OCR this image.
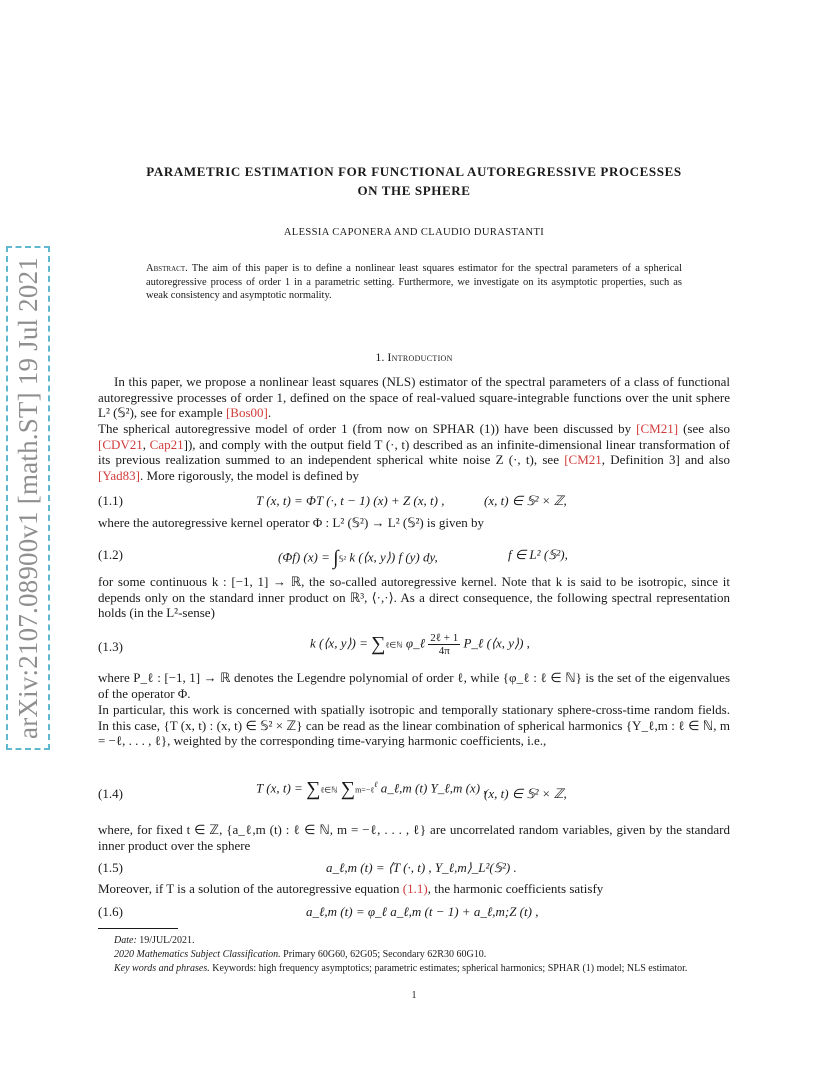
arXiv:2107.08900v1 [math.ST] 19 Jul 2021
PARAMETRIC ESTIMATION FOR FUNCTIONAL AUTOREGRESSIVE PROCESSES
ON THE SPHERE
ALESSIA CAPONERA AND CLAUDIO DURASTANTI
Abstract. The aim of this paper is to define a nonlinear least squares estimator for the spectral parameters of a spherical autoregressive process of order 1 in a parametric setting. Furthermore, we investigate on its asymptotic properties, such as weak consistency and asymptotic normality.
1. Introduction
In this paper, we propose a nonlinear least squares (NLS) estimator of the spectral parameters of a class of functional autoregressive processes of order 1, defined on the space of real-valued square-integrable functions over the unit sphere L² (𝕊²), see for example [Bos00].
The spherical autoregressive model of order 1 (from now on SPHAR (1)) have been discussed by [CM21] (see also [CDV21, Cap21]), and comply with the output field T (·, t) described as an infinite-dimensional linear transformation of its previous realization summed to an independent spherical white noise Z (·, t), see [CM21, Definition 3] and also [Yad83]. More rigorously, the model is defined by
(1.1)	T (x, t) = ΦT (·, t − 1) (x) + Z (x, t) ,	(x, t) ∈ 𝕊² × ℤ,
where the autoregressive kernel operator Φ : L² (𝕊²) → L² (𝕊²) is given by
(1.2)	(Φf) (x) = ∫𝕊² k (⟨x, y⟩) f (y) dy,	f ∈ L² (𝕊²),
for some continuous k : [−1, 1] → ℝ, the so-called autoregressive kernel. Note that k is said to be isotropic, since it depends only on the standard inner product on ℝ³, ⟨·,·⟩. As a direct consequence, the following spectral representation holds (in the L²-sense)
(1.3)	k (⟨x, y⟩) = ∑ℓ∈ℕ φ_ℓ $\frac{\text{2ℓ + 1}}{4\pi}$ P_ℓ (⟨x, y⟩) ,
where P_ℓ : [−1, 1] → ℝ denotes the Legendre polynomial of order ℓ, while {φ_ℓ : ℓ ∈ ℕ} is the set of the eigenvalues of the operator Φ.
In particular, this work is concerned with spatially isotropic and temporally stationary sphere-cross-time random fields. In this case, {T (x, t) : (x, t) ∈ 𝕊² × ℤ} can be read as the linear combination of spherical harmonics {Y_ℓ,m : ℓ ∈ ℕ, m = −ℓ, . . . , ℓ}, weighted by the corresponding time-varying harmonic coefficients, i.e.,
(1.4)	T (x, t) = ∑ℓ∈ℕ ∑m=−ℓ$^\ell$ a_ℓ,m (t) Y_ℓ,m (x) ,
(x, t) ∈ 𝕊² × ℤ,
where, for fixed t ∈ ℤ, {a_ℓ,m (t) : ℓ ∈ ℕ, m = −ℓ, . . . , ℓ} are uncorrelated random variables, given by the standard inner product over the sphere
(1.5)	a_ℓ,m (t) = ⟨T (·, t) , Y_ℓ,m⟩_L²(𝕊²) .
Moreover, if T is a solution of the autoregressive equation (1.1), the harmonic coefficients satisfy
(1.6)	a_ℓ,m (t) = φ_ℓ a_ℓ,m (t − 1) + a_ℓ,m;Z (t) ,
Date: 19/JUL/2021.
2020 Mathematics Subject Classification. Primary 60G60, 62G05; Secondary 62R30 60G10.
Key words and phrases. Keywords: high frequency asymptotics; parametric estimates; spherical harmonics; SPHAR (1) model; NLS estimator.
1
